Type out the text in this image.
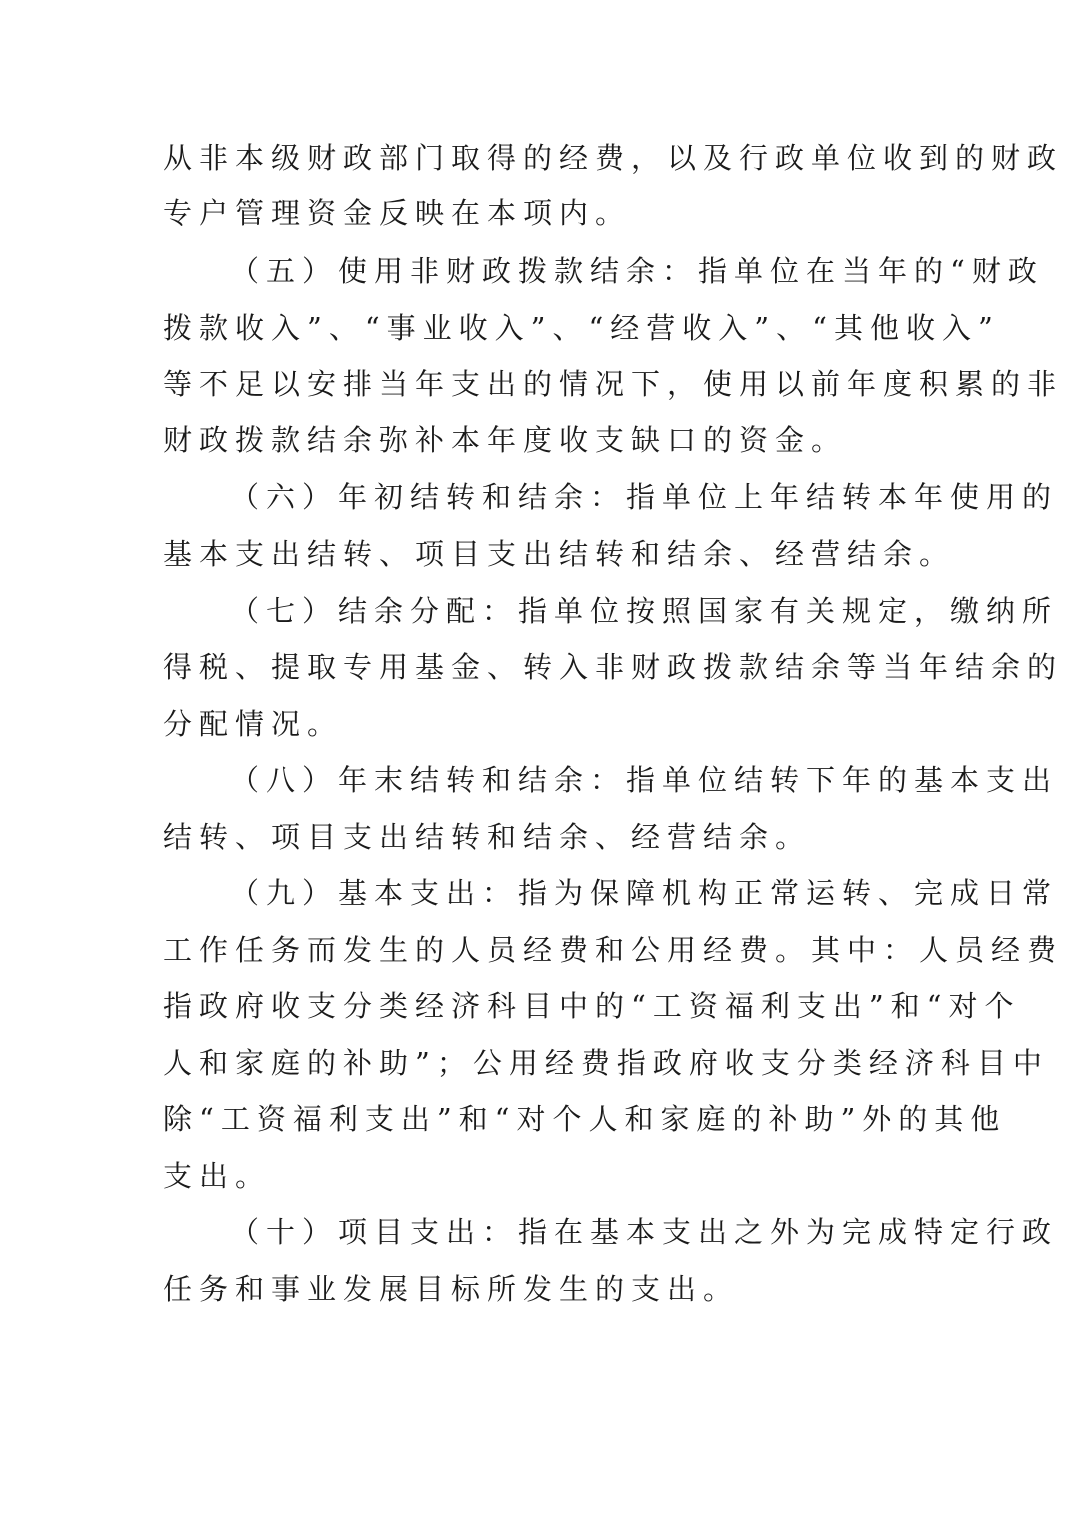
从非本级财政部门取得的经费，以及行政单位收到的财政
专户管理资金反映在本项内。
（五）使用非财政拨款结余：指单位在当年的“财政
拨款收入”、“事业收入”、“经营收入”、“其他收入”
等不足以安排当年支出的情况下，使用以前年度积累的非
财政拨款结余弥补本年度收支缺口的资金。
（六）年初结转和结余：指单位上年结转本年使用的
基本支出结转、项目支出结转和结余、经营结余。
（七）结余分配：指单位按照国家有关规定，缴纳所
得税、提取专用基金、转入非财政拨款结余等当年结余的
分配情况。
（八）年末结转和结余：指单位结转下年的基本支出
结转、项目支出结转和结余、经营结余。
（九）基本支出：指为保障机构正常运转、完成日常
工作任务而发生的人员经费和公用经费。其中：人员经费
指政府收支分类经济科目中的“工资福利支出”和“对个
人和家庭的补助”；公用经费指政府收支分类经济科目中
除“工资福利支出”和“对个人和家庭的补助”外的其他
支出。
（十）项目支出：指在基本支出之外为完成特定行政
任务和事业发展目标所发生的支出。
